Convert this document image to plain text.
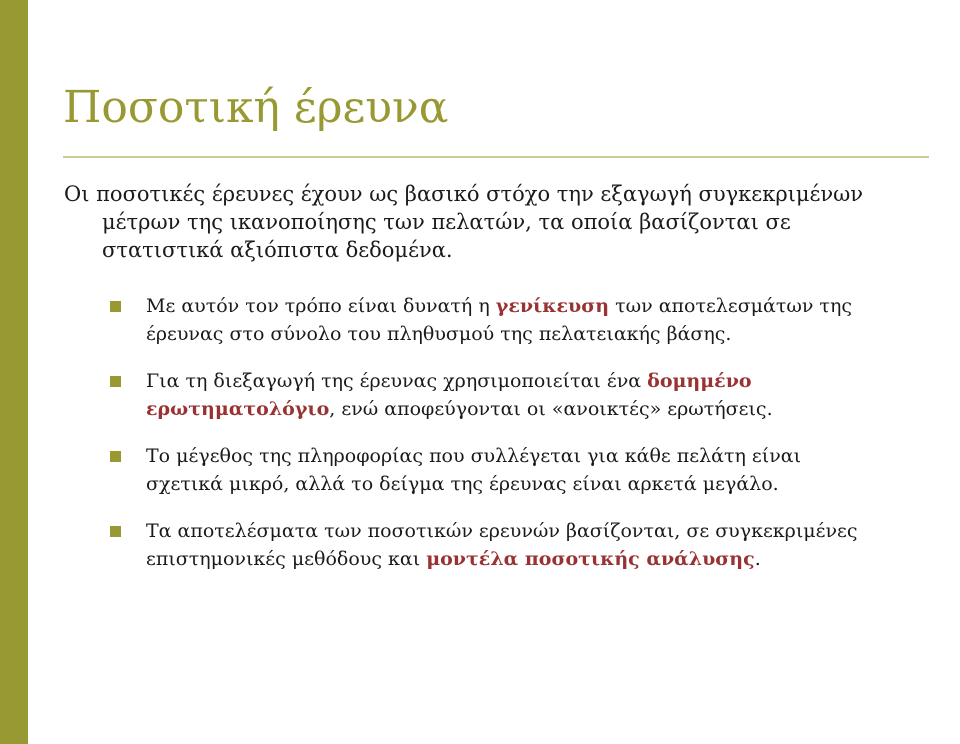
Ποσοτική έρευνα

Οι ποσοτικές έρευνες έχουν ως βασικό στόχο την εξαγωγή συγκεκριμένων
μέτρων της ικανοποίησης των πελατών, τα οποία βασίζονται σε
στατιστικά αξιόπιστα δεδομένα.

Με αυτόν τον τρόπο είναι δυνατή η γενίκευση των αποτελεσμάτων της
έρευνας στο σύνολο του πληθυσμού της πελατειακής βάσης.
Για τη διεξαγωγή της έρευνας χρησιμοποιείται ένα δομημένο
ερωτηματολόγιο, ενώ αποφεύγονται οι «ανοικτές» ερωτήσεις.
Το μέγεθος της πληροφορίας που συλλέγεται για κάθε πελάτη είναι
σχετικά μικρό, αλλά το δείγμα της έρευνας είναι αρκετά μεγάλο.
Τα αποτελέσματα των ποσοτικών ερευνών βασίζονται, σε συγκεκριμένες
επιστημονικές μεθόδους και μοντέλα ποσοτικής ανάλυσης.
